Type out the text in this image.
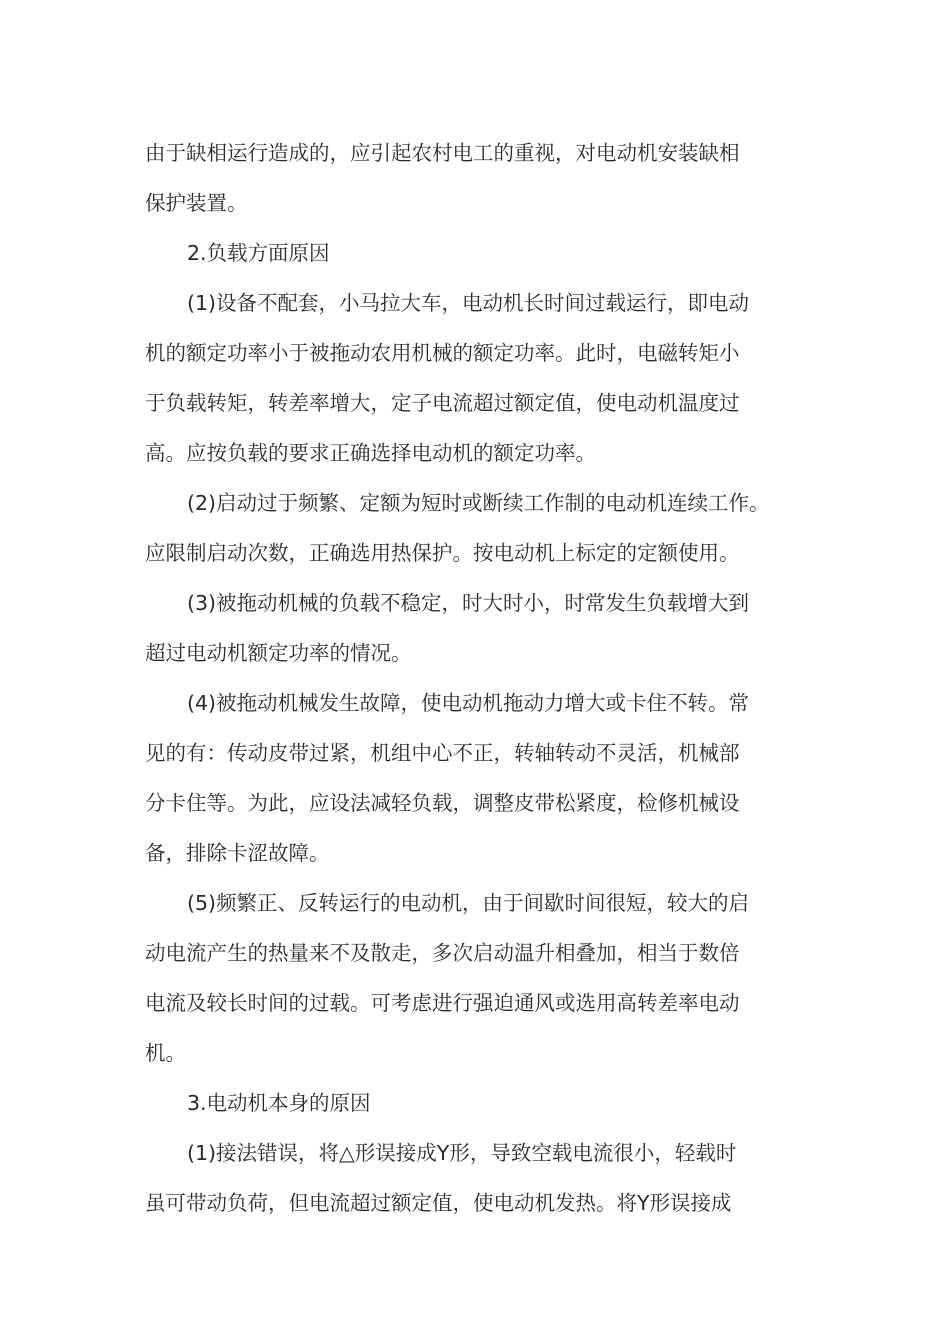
由于缺相运行造成的，应引起农村电工的重视，对电动机安装缺相
保护装置。
2.负载方面原因
(1)设备不配套，小马拉大车，电动机长时间过载运行，即电动
机的额定功率小于被拖动农用机械的额定功率。此时，电磁转矩小
于负载转矩，转差率增大，定子电流超过额定值，使电动机温度过
高。应按负载的要求正确选择电动机的额定功率。
(2)启动过于频繁、定额为短时或断续工作制的电动机连续工作。
应限制启动次数，正确选用热保护。按电动机上标定的定额使用。
(3)被拖动机械的负载不稳定，时大时小，时常发生负载增大到
超过电动机额定功率的情况。
(4)被拖动机械发生故障，使电动机拖动力增大或卡住不转。常
见的有：传动皮带过紧，机组中心不正，转轴转动不灵活，机械部
分卡住等。为此，应设法减轻负载，调整皮带松紧度，检修机械设
备，排除卡涩故障。
(5)频繁正、反转运行的电动机，由于间歇时间很短，较大的启
动电流产生的热量来不及散走，多次启动温升相叠加，相当于数倍
电流及较长时间的过载。可考虑进行强迫通风或选用高转差率电动
机。
3.电动机本身的原因
(1)接法错误，将△形误接成Y形，导致空载电流很小，轻载时
虽可带动负荷，但电流超过额定值，使电动机发热。将Y形误接成
